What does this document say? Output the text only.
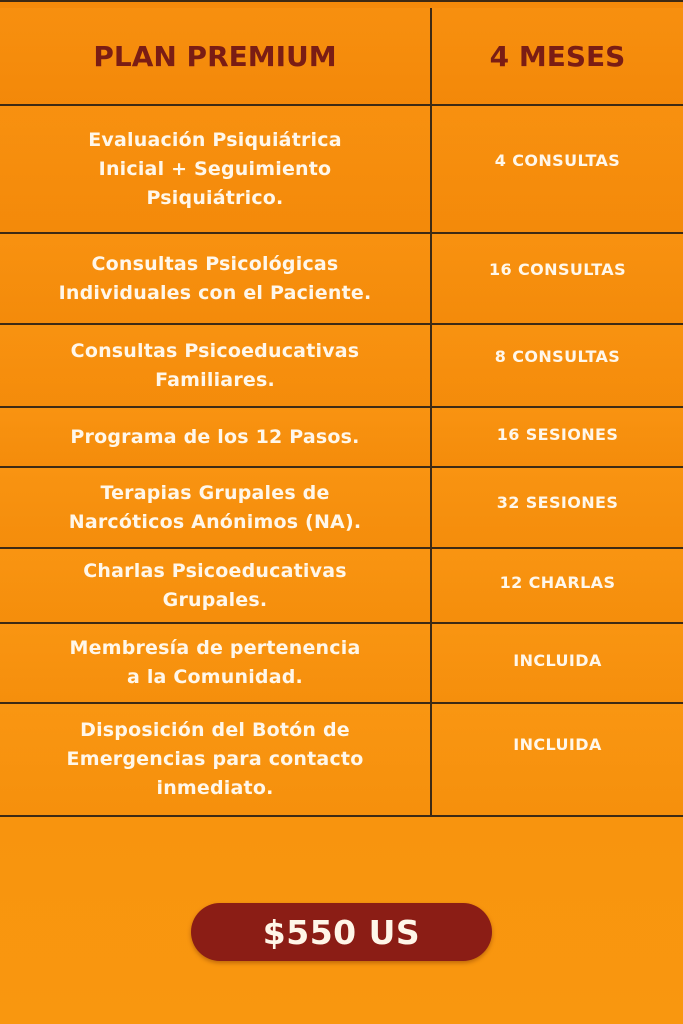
PLAN PREMIUM	4 MESES
Evaluación Psiquiátrica
Inicial + Seguimiento
Psiquiátrico.
4 CONSULTAS
Consultas Psicológicas
Individuales con el Paciente.
16 CONSULTAS
Consultas Psicoeducativas
Familiares.
8 CONSULTAS
Programa de los 12 Pasos.	16 SESIONES
Terapias Grupales de
Narcóticos Anónimos (NA).
32 SESIONES
Charlas Psicoeducativas
Grupales.
12 CHARLAS
Membresía de pertenencia
a la Comunidad.
INCLUIDA
Disposición del Botón de
Emergencias para contacto
inmediato.
INCLUIDA
$550 US
